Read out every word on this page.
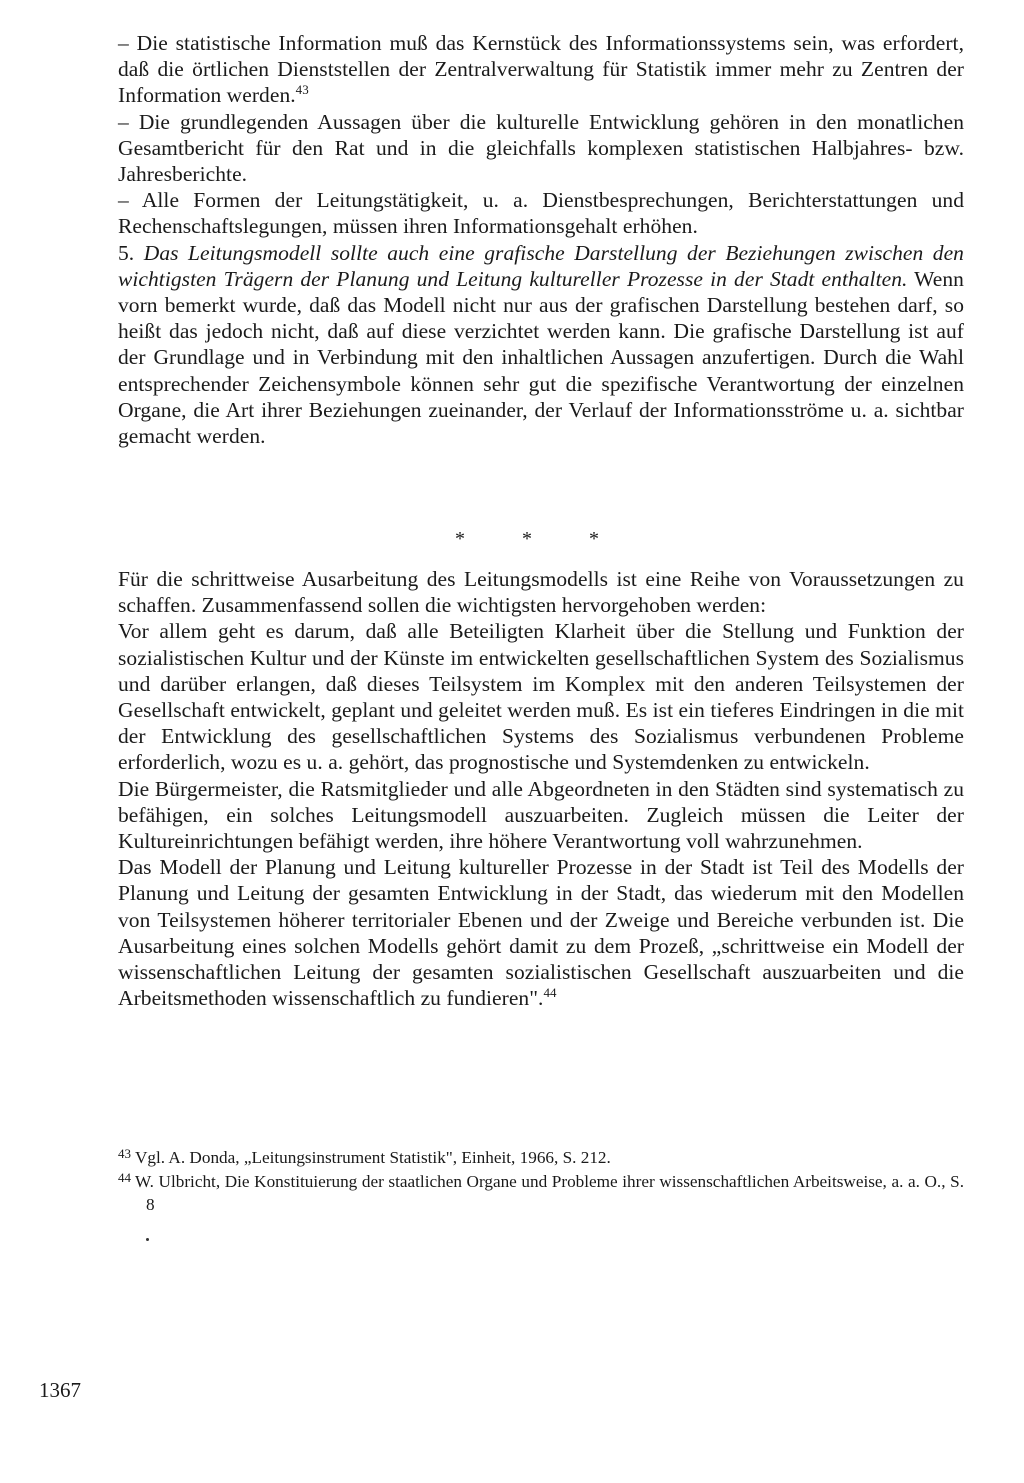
– Die statistische Information muß das Kernstück des Informationssystems sein, was erfordert, daß die örtlichen Dienststellen der Zentralverwaltung für Statistik immer mehr zu Zentren der Information werden.$^{43}$

– Die grundlegenden Aussagen über die kulturelle Entwicklung gehören in den monatlichen Gesamtbericht für den Rat und in die gleichfalls komplexen statistischen Halbjahres- bzw. Jahresberichte.

– Alle Formen der Leitungstätigkeit, u. a. Dienstbesprechungen, Berichterstattungen und Rechenschaftslegungen, müssen ihren Informationsgehalt erhöhen.

5. Das Leitungsmodell sollte auch eine grafische Darstellung der Beziehungen zwischen den wichtigsten Trägern der Planung und Leitung kultureller Prozesse in der Stadt enthalten. Wenn vorn bemerkt wurde, daß das Modell nicht nur aus der grafischen Darstellung bestehen darf, so heißt das jedoch nicht, daß auf diese verzichtet werden kann. Die grafische Darstellung ist auf der Grundlage und in Verbindung mit den inhaltlichen Aussagen anzufertigen. Durch die Wahl entsprechender Zeichensymbole können sehr gut die spezifische Verantwortung der einzelnen Organe, die Art ihrer Beziehungen zueinander, der Verlauf der Informationsströme u. a. sichtbar gemacht werden.

* * *

Für die schrittweise Ausarbeitung des Leitungsmodells ist eine Reihe von Voraussetzungen zu schaffen. Zusammenfassend sollen die wichtigsten hervorgehoben werden:

Vor allem geht es darum, daß alle Beteiligten Klarheit über die Stellung und Funktion der sozialistischen Kultur und der Künste im entwickelten gesellschaftlichen System des Sozialismus und darüber erlangen, daß dieses Teilsystem im Komplex mit den anderen Teilsystemen der Gesellschaft entwickelt, geplant und geleitet werden muß. Es ist ein tieferes Eindringen in die mit der Entwicklung des gesellschaftlichen Systems des Sozialismus verbundenen Probleme erforderlich, wozu es u. a. gehört, das prognostische und Systemdenken zu entwickeln.

Die Bürgermeister, die Ratsmitglieder und alle Abgeordneten in den Städten sind systematisch zu befähigen, ein solches Leitungsmodell auszuarbeiten. Zugleich müssen die Leiter der Kultureinrichtungen befähigt werden, ihre höhere Verantwortung voll wahrzunehmen.

Das Modell der Planung und Leitung kultureller Prozesse in der Stadt ist Teil des Modells der Planung und Leitung der gesamten Entwicklung in der Stadt, das wiederum mit den Modellen von Teilsystemen höherer territorialer Ebenen und der Zweige und Bereiche verbunden ist. Die Ausarbeitung eines solchen Modells gehört damit zu dem Prozeß, „schrittweise ein Modell der wissenschaftlichen Leitung der gesamten sozialistischen Gesellschaft auszuarbeiten und die Arbeitsmethoden wissenschaftlich zu fundieren".$^{44}$

$^{43}$ Vgl. A. Donda, „Leitungsinstrument Statistik", Einheit, 1966, S. 212.

$^{44}$ W. Ulbricht, Die Konstituierung der staatlichen Organe und Probleme ihrer wissenschaftlichen Arbeitsweise, a. a. O., S. 8

1367
